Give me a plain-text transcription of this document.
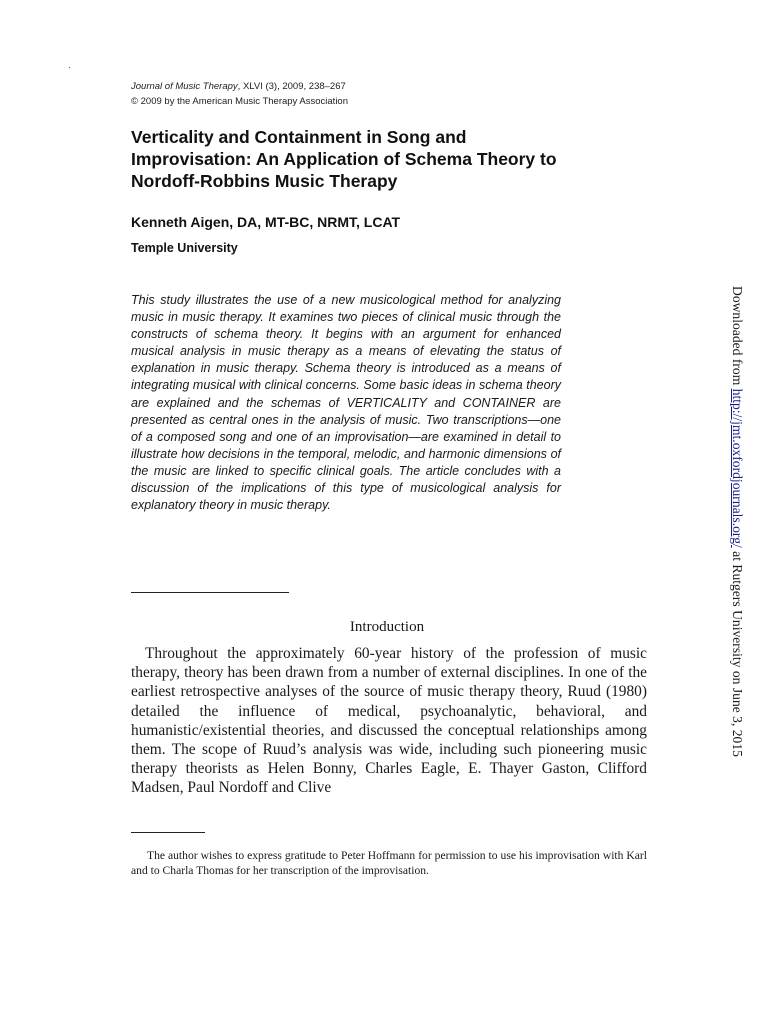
·
Journal of Music Therapy, XLVI (3), 2009, 238–267
© 2009 by the American Music Therapy Association
Verticality and Containment in Song and Improvisation: An Application of Schema Theory to Nordoff-Robbins Music Therapy
Kenneth Aigen, DA, MT-BC, NRMT, LCAT
Temple University

This study illustrates the use of a new musicological method for analyzing music in music therapy. It examines two pieces of clinical music through the constructs of schema theory. It begins with an argument for enhanced musical analysis in music therapy as a means of elevating the status of explanation in music therapy. Schema theory is introduced as a means of integrating musical with clinical concerns. Some basic ideas in schema theory are explained and the schemas of VERTICALITY and CONTAINER are presented as central ones in the analysis of music. Two transcriptions—one of a composed song and one of an improvisation—are examined in detail to illustrate how decisions in the temporal, melodic, and harmonic dimensions of the music are linked to specific clinical goals. The article concludes with a discussion of the implications of this type of musicological analysis for explanatory theory in music therapy.

Introduction

Throughout the approximately 60-year history of the profession of music therapy, theory has been drawn from a number of external disciplines. In one of the earliest retrospective analyses of the source of music therapy theory, Ruud (1980) detailed the influence of medical, psychoanalytic, behavioral, and humanistic/existential theories, and discussed the conceptual relationships among them. The scope of Ruud’s analysis was wide, including such pioneering music therapy theorists as Helen Bonny, Charles Eagle, E. Thayer Gaston, Clifford Madsen, Paul Nordoff and Clive

The author wishes to express gratitude to Peter Hoffmann for permission to use his improvisation with Karl and to Charla Thomas for her transcription of the improvisation.

Downloaded from http://jmt.oxfordjournals.org/ at Rutgers University on June 3, 2015
